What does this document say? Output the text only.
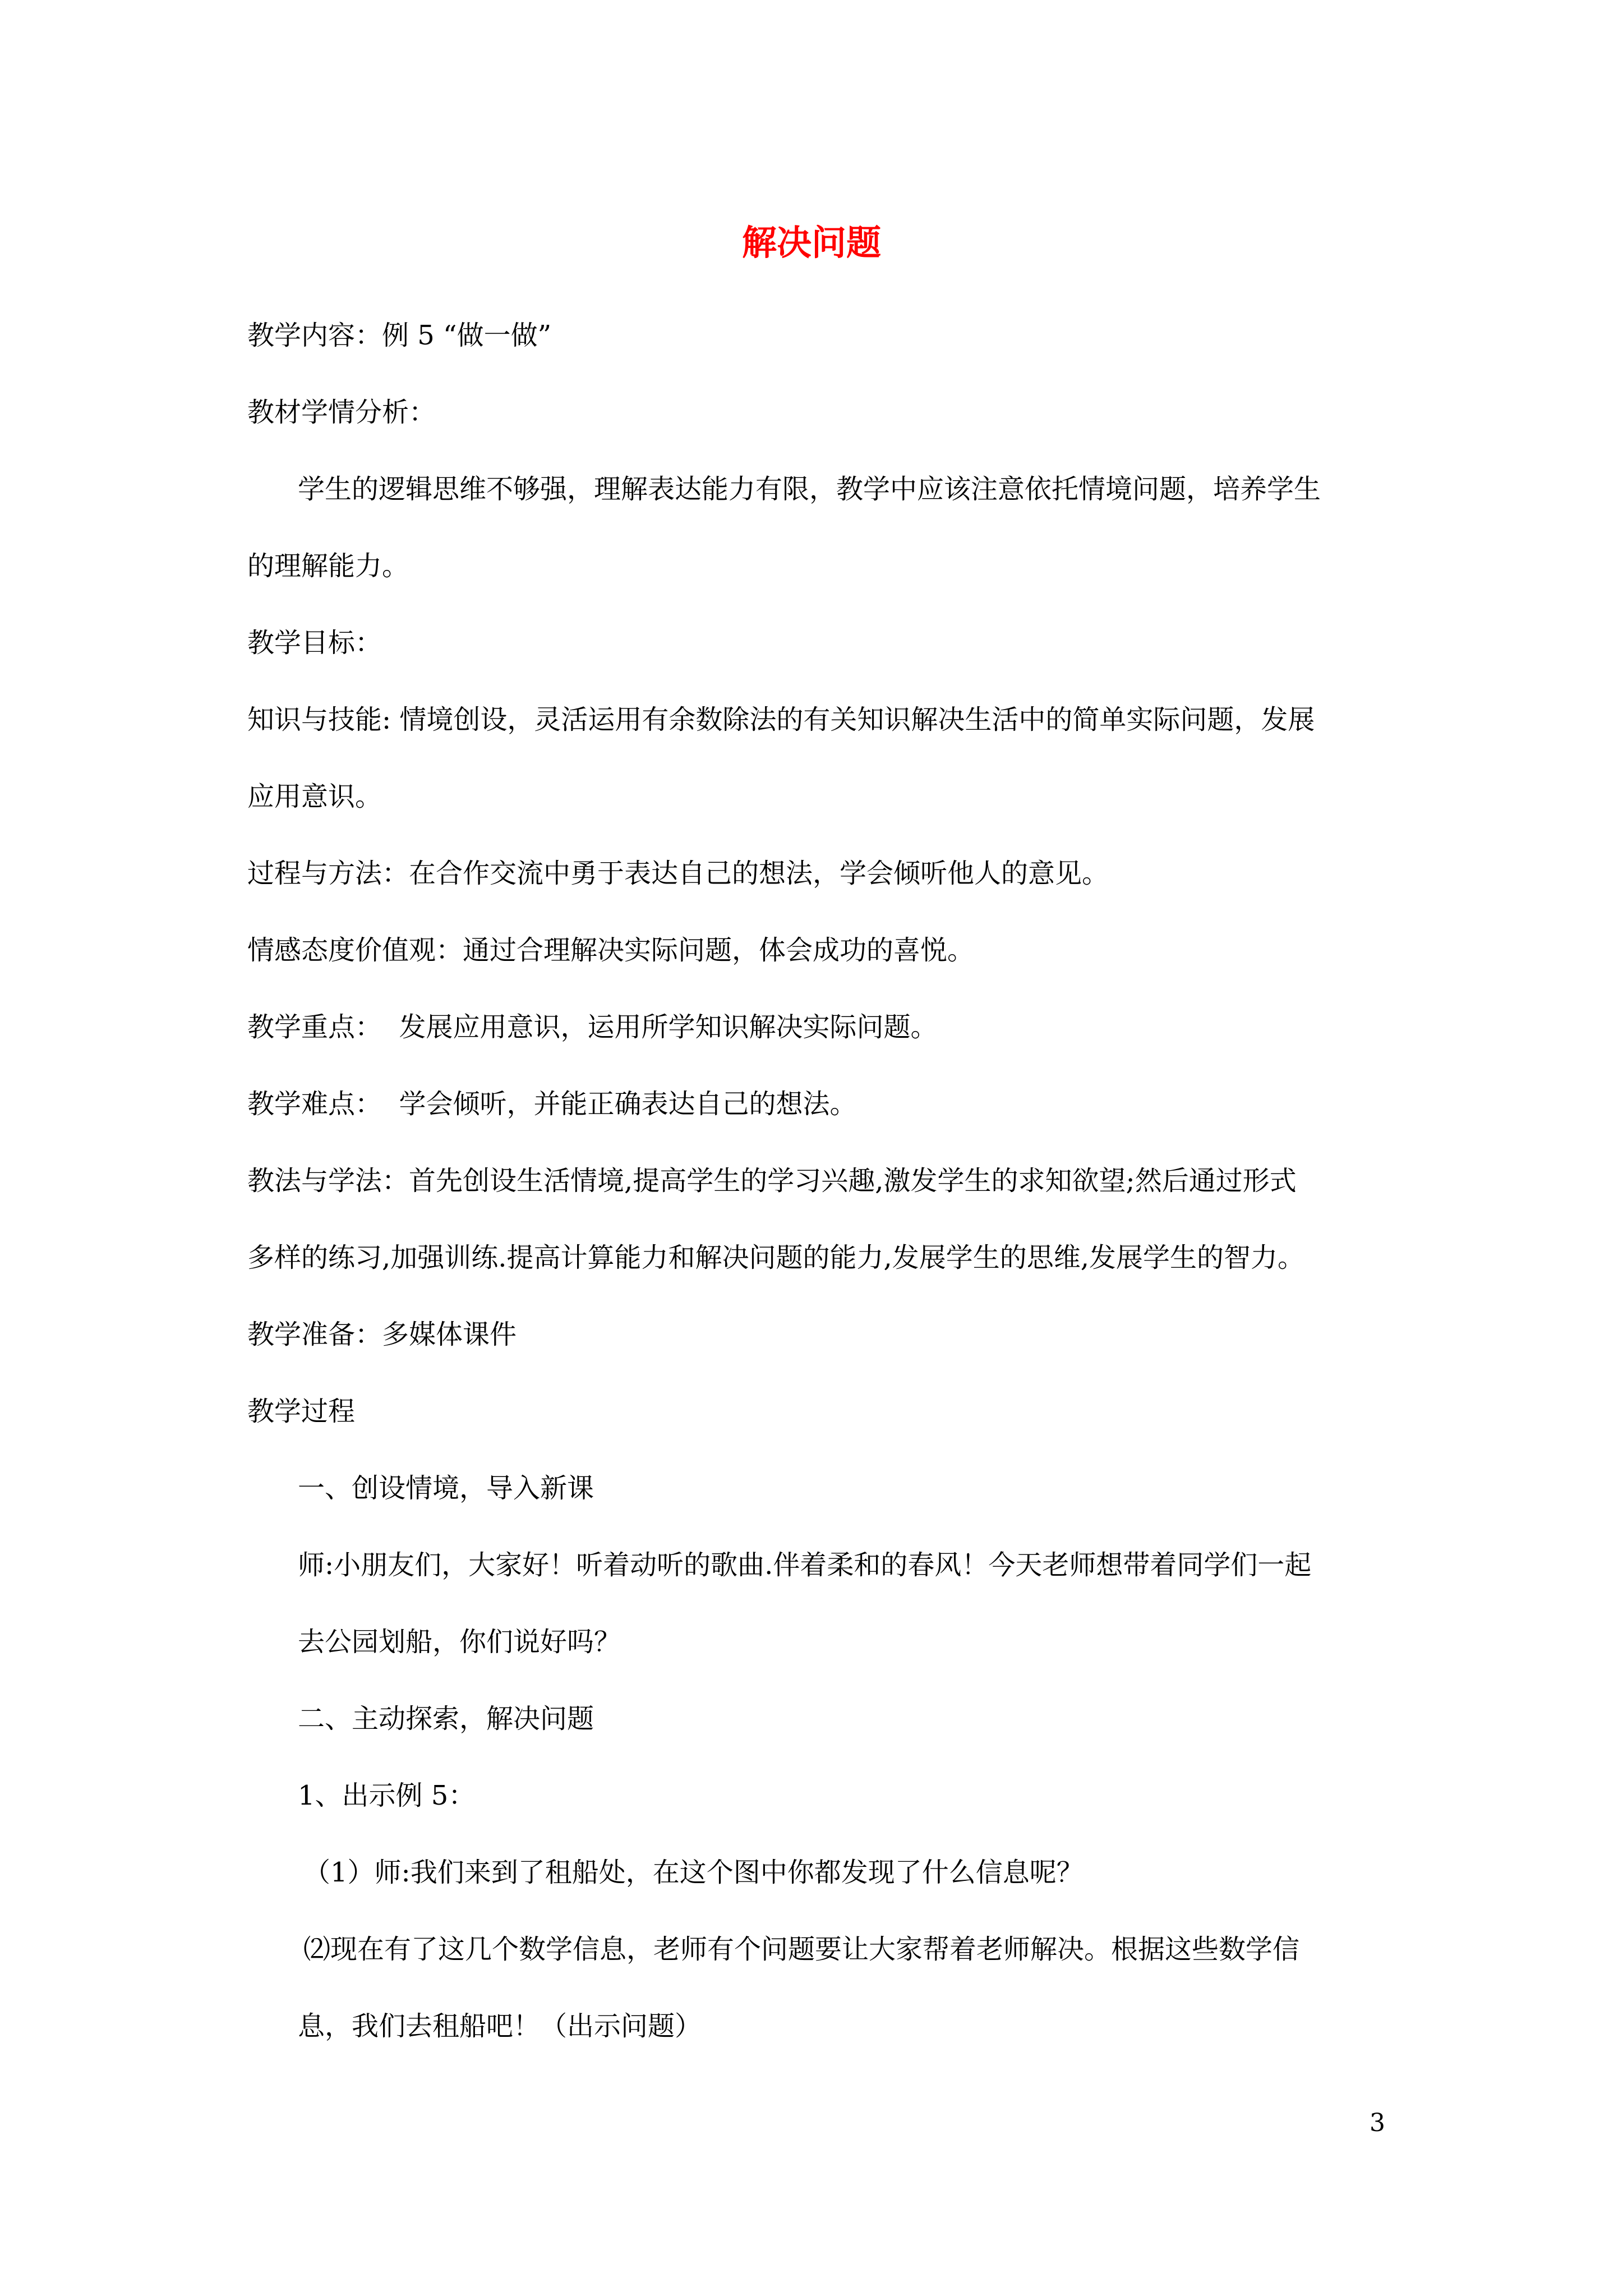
解决问题

教学内容：例 5 “做一做”

教材学情分析：

学生的逻辑思维不够强，理解表达能力有限，教学中应该注意依托情境问题，培养学生

的理解能力。

教学目标：

知识与技能: 情境创设，灵活运用有余数除法的有关知识解决生活中的简单实际问题，发展

应用意识。

过程与方法：在合作交流中勇于表达自己的想法，学会倾听他人的意见。

情感态度价值观：通过合理解决实际问题，体会成功的喜悦。

教学重点：  发展应用意识，运用所学知识解决实际问题。

教学难点：  学会倾听，并能正确表达自己的想法。

教法与学法：首先创设生活情境,提高学生的学习兴趣,激发学生的求知欲望;然后通过形式

多样的练习,加强训练.提高计算能力和解决问题的能力,发展学生的思维,发展学生的智力。

教学准备：多媒体课件

教学过程

一、创设情境，导入新课

师:小朋友们，大家好！听着动听的歌曲.伴着柔和的春风！今天老师想带着同学们一起

去公园划船，你们说好吗？

二、主动探索，解决问题

1、出示例 5：

（1）师:我们来到了租船处，在这个图中你都发现了什么信息呢？

⑵现在有了这几个数学信息，老师有个问题要让大家帮着老师解决。根据这些数学信

息，我们去租船吧！（出示问题）

3
